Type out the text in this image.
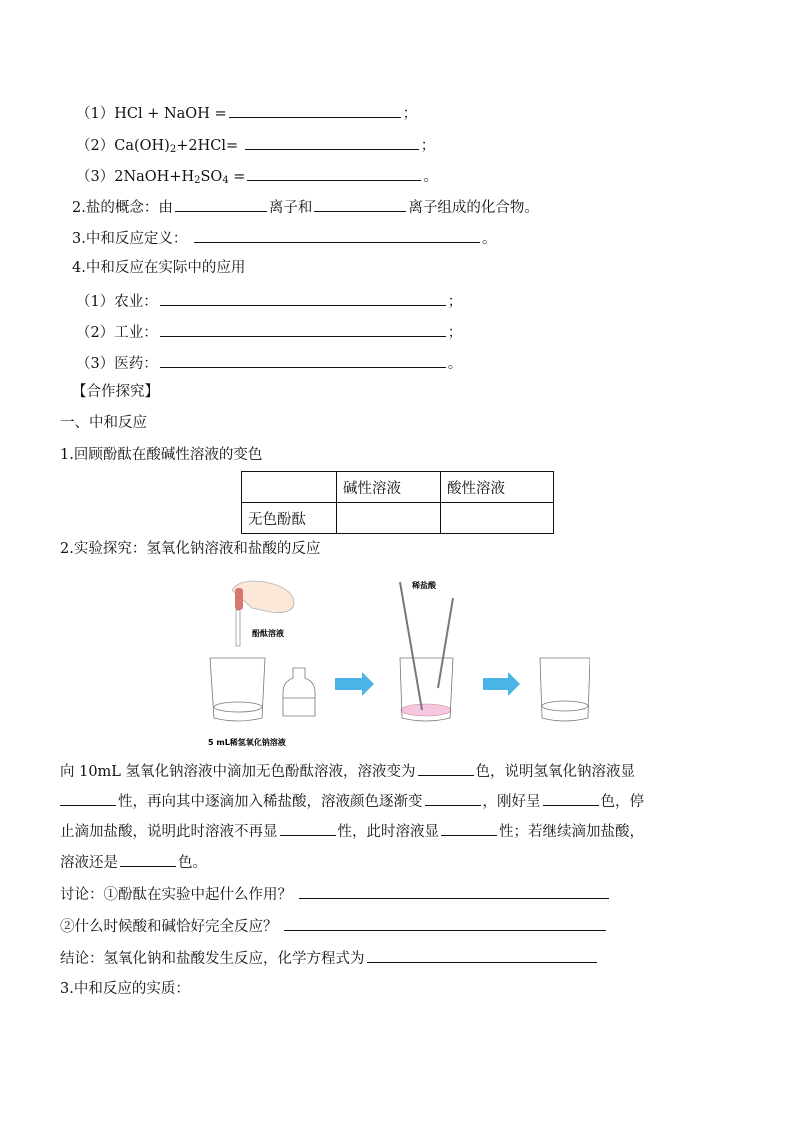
（1）HCl + NaOH =	；
$(2)Ca(OH)_2+2HCl=$	；
$(3)2NaOH+H_2SO_4$ =	。
2.盐的概念：由	离子和	离子组成的化合物。
3.中和反应定义：	。
4.中和反应在实际中的应用
（1）农业：	；
（2）工业：	；
（3）医药：	。
【合作探究】
一、中和反应
1.回顾酚酞在酸碱性溶液的变色
	碱性溶液	酸性溶液
无色酚酞		
2.实验探究：氢氧化钠溶液和盐酸的反应
酚酞溶液
5 mL稀氢氧化钠溶液
稀盐酸
向 10mL 氢氧化钠溶液中滴加无色酚酞溶液，溶液变为	色，说明氢氧化钠溶液显
性，再向其中逐滴加入稀盐酸，溶液颜色逐渐变	，刚好呈	色，停
止滴加盐酸，说明此时溶液不再显	性，此时溶液显	性；若继续滴加盐酸，
溶液还是	色。
讨论：①酚酞在实验中起什么作用？
②什么时候酸和碱恰好完全反应？
结论：氢氧化钠和盐酸发生反应，化学方程式为
3.中和反应的实质：
